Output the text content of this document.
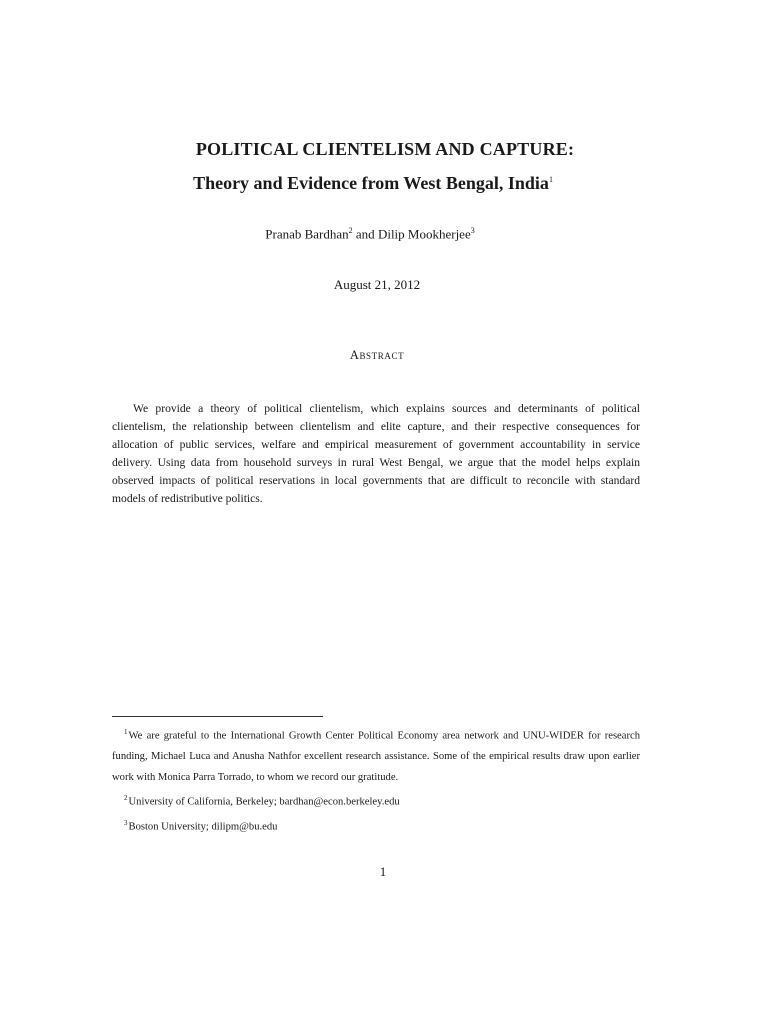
POLITICAL CLIENTELISM AND CAPTURE:
Theory and Evidence from West Bengal, India$^1$
Pranab Bardhan$^2$ and Dilip Mookherjee$^3$
August 21, 2012
Abstract

We provide a theory of political clientelism, which explains sources and determinants of political clientelism, the relationship between clientelism and elite capture, and their respective consequences for allocation of public services, welfare and empirical measurement of government accountability in service delivery. Using data from household surveys in rural West Bengal, we argue that the model helps explain observed impacts of political reservations in local governments that are difficult to reconcile with standard models of redistributive politics.

$^1$We are grateful to the International Growth Center Political Economy area network and UNU-WIDER for research funding, Michael Luca and Anusha Nathfor excellent research assistance. Some of the empirical results draw upon earlier work with Monica Parra Torrado, to whom we record our gratitude.

$^2$University of California, Berkeley; bardhan@econ.berkeley.edu

$^3$Boston University; dilipm@bu.edu

1
